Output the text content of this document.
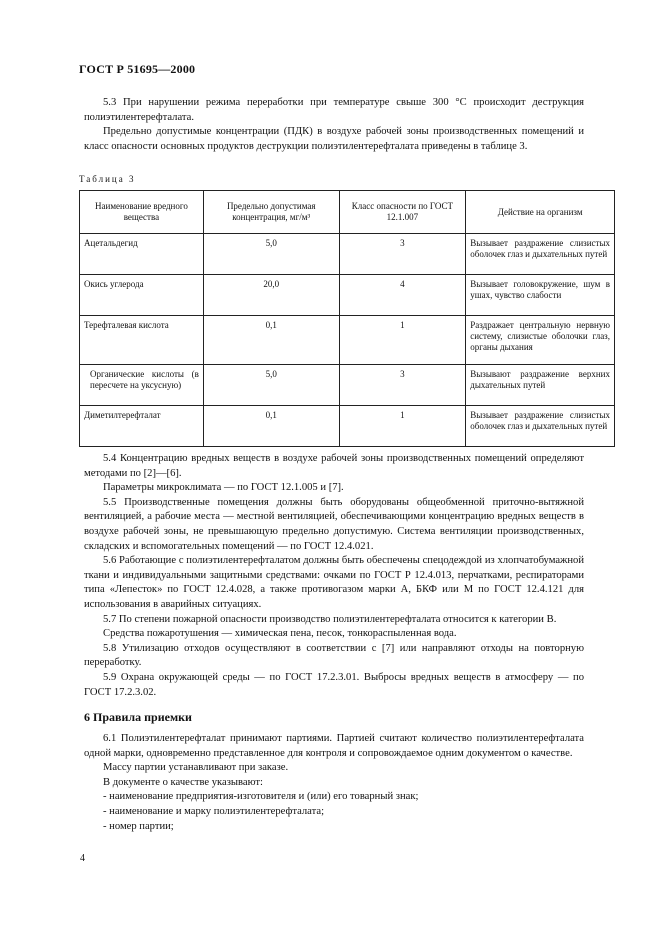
ГОСТ Р 51695—2000

5.3 При нарушении режима переработки при температуре свыше 300 °С происходит деструкция полиэтилентерефталата.

Предельно допустимые концентрации (ПДК) в воздухе рабочей зоны производственных помещений и класс опасности основных продуктов деструкции полиэтилентерефталата приведены в таблице 3.

Таблица 3
Наименование вредного вещества	Предельно допустимая концентрация, мг/м³	Класс опасности по ГОСТ 12.1.007	Действие на организм
Ацетальдегид	5,0	3	Вызывает раздражение слизистых оболочек глаз и дыхательных путей
Окись углерода	20,0	4	Вызывает головокружение, шум в ушах, чувство слабости
Терефталевая кислота	0,1	1	Раздражает центральную нервную систему, слизистые оболочки глаз, органы дыхания
Органические кислоты (в пересчете на уксусную)	5,0	3	Вызывают раздражение верхних дыхательных путей
Диметилтерефталат	0,1	1	Вызывает раздражение слизистых оболочек глаз и дыхательных путей

5.4 Концентрацию вредных веществ в воздухе рабочей зоны производственных помещений определяют методами по [2]—[6].

Параметры микроклимата — по ГОСТ 12.1.005 и [7].

5.5 Производственные помещения должны быть оборудованы общеобменной приточно-вытяжной вентиляцией, а рабочие места — местной вентиляцией, обеспечивающими концентрацию вредных веществ в воздухе рабочей зоны, не превышающую предельно допустимую. Система вентиляции производственных, складских и вспомогательных помещений — по ГОСТ 12.4.021.

5.6 Работающие с полиэтилентерефталатом должны быть обеспечены спецодеждой из хлопчатобумажной ткани и индивидуальными защитными средствами: очками по ГОСТ Р 12.4.013, перчатками, респираторами типа «Лепесток» по ГОСТ 12.4.028, а также противогазом марки А, БКФ или М по ГОСТ 12.4.121 для использования в аварийных ситуациях.

5.7 По степени пожарной опасности производство полиэтилентерефталата относится к категории В.

Средства пожаротушения — химическая пена, песок, тонкораспыленная вода.

5.8 Утилизацию отходов осуществляют в соответствии с [7] или направляют отходы на повторную переработку.

5.9 Охрана окружающей среды — по ГОСТ 17.2.3.01. Выбросы вредных веществ в атмосферу — по ГОСТ 17.2.3.02.

6 Правила приемки

6.1 Полиэтилентерефталат принимают партиями. Партией считают количество полиэтилентерефталата одной марки, одновременно представленное для контроля и сопровождаемое одним документом о качестве.

Массу партии устанавливают при заказе.

В документе о качестве указывают:

- наименование предприятия-изготовителя и (или) его товарный знак;

- наименование и марку полиэтилентерефталата;

- номер партии;

4
